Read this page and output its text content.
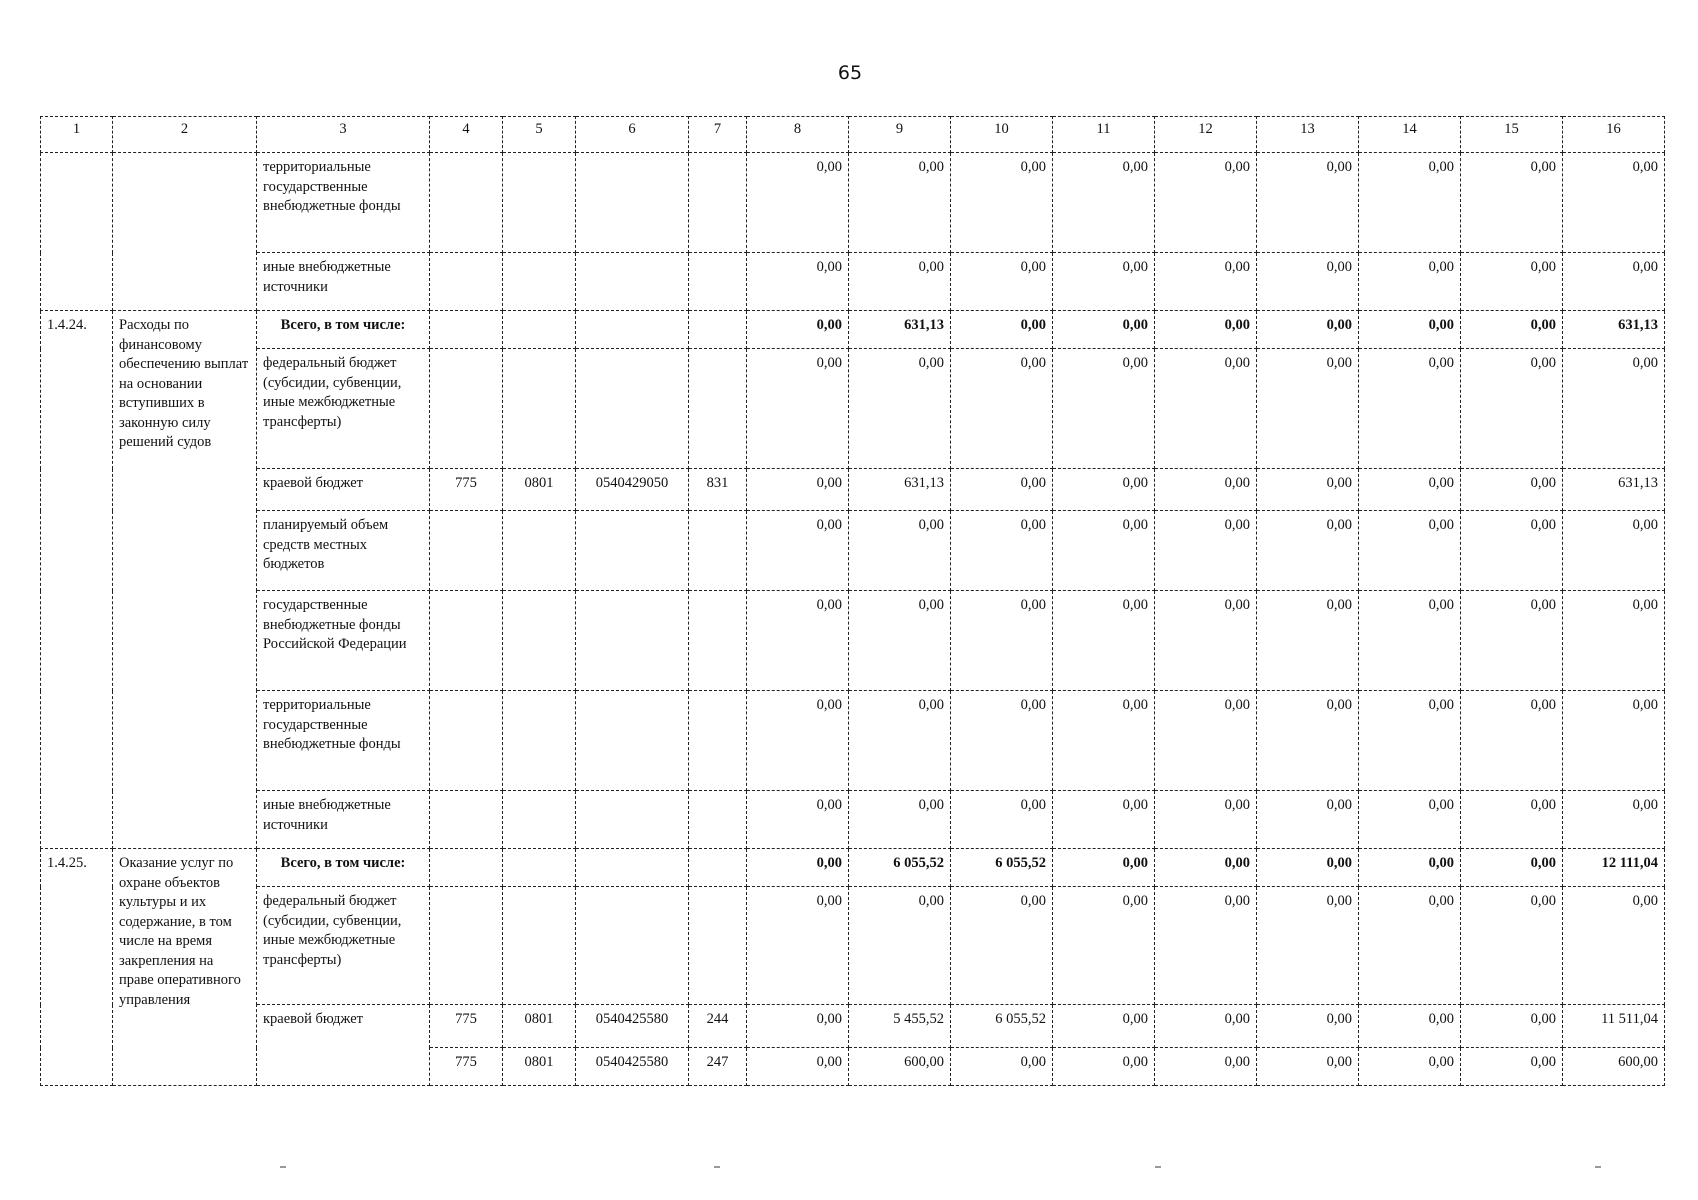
65
1	2	3	4	5	6	7	8	9	10	11	12	13	14	15	16
		территориальные государственные внебюджетные фонды					0,00	0,00	0,00	0,00	0,00	0,00	0,00	0,00	0,00
		иные внебюджетные источники					0,00	0,00	0,00	0,00	0,00	0,00	0,00	0,00	0,00
1.4.24.	Расходы по финансовому обеспечению выплат на основании вступивших в законную силу решений судов	Всего, в том числе:					0,00	631,13	0,00	0,00	0,00	0,00	0,00	0,00	631,13
		федеральный бюджет (субсидии, субвенции, иные межбюджетные трансферты)					0,00	0,00	0,00	0,00	0,00	0,00	0,00	0,00	0,00
		краевой бюджет	775	0801	0540429050	831	0,00	631,13	0,00	0,00	0,00	0,00	0,00	0,00	631,13
		планируемый объем средств местных бюджетов					0,00	0,00	0,00	0,00	0,00	0,00	0,00	0,00	0,00
		государственные внебюджетные фонды Российской Федерации					0,00	0,00	0,00	0,00	0,00	0,00	0,00	0,00	0,00
		территориальные государственные внебюджетные фонды					0,00	0,00	0,00	0,00	0,00	0,00	0,00	0,00	0,00
		иные внебюджетные источники					0,00	0,00	0,00	0,00	0,00	0,00	0,00	0,00	0,00
1.4.25.	Оказание услуг по охране объектов культуры и их содержание, в том числе на время закрепления на праве оперативного управления	Всего, в том числе:					0,00	6 055,52	6 055,52	0,00	0,00	0,00	0,00	0,00	12 111,04
		федеральный бюджет (субсидии, субвенции, иные межбюджетные трансферты)					0,00	0,00	0,00	0,00	0,00	0,00	0,00	0,00	0,00
		краевой бюджет	775	0801	0540425580	244	0,00	5 455,52	6 055,52	0,00	0,00	0,00	0,00	0,00	11 511,04
			775	0801	0540425580	247	0,00	600,00	0,00	0,00	0,00	0,00	0,00	0,00	600,00
